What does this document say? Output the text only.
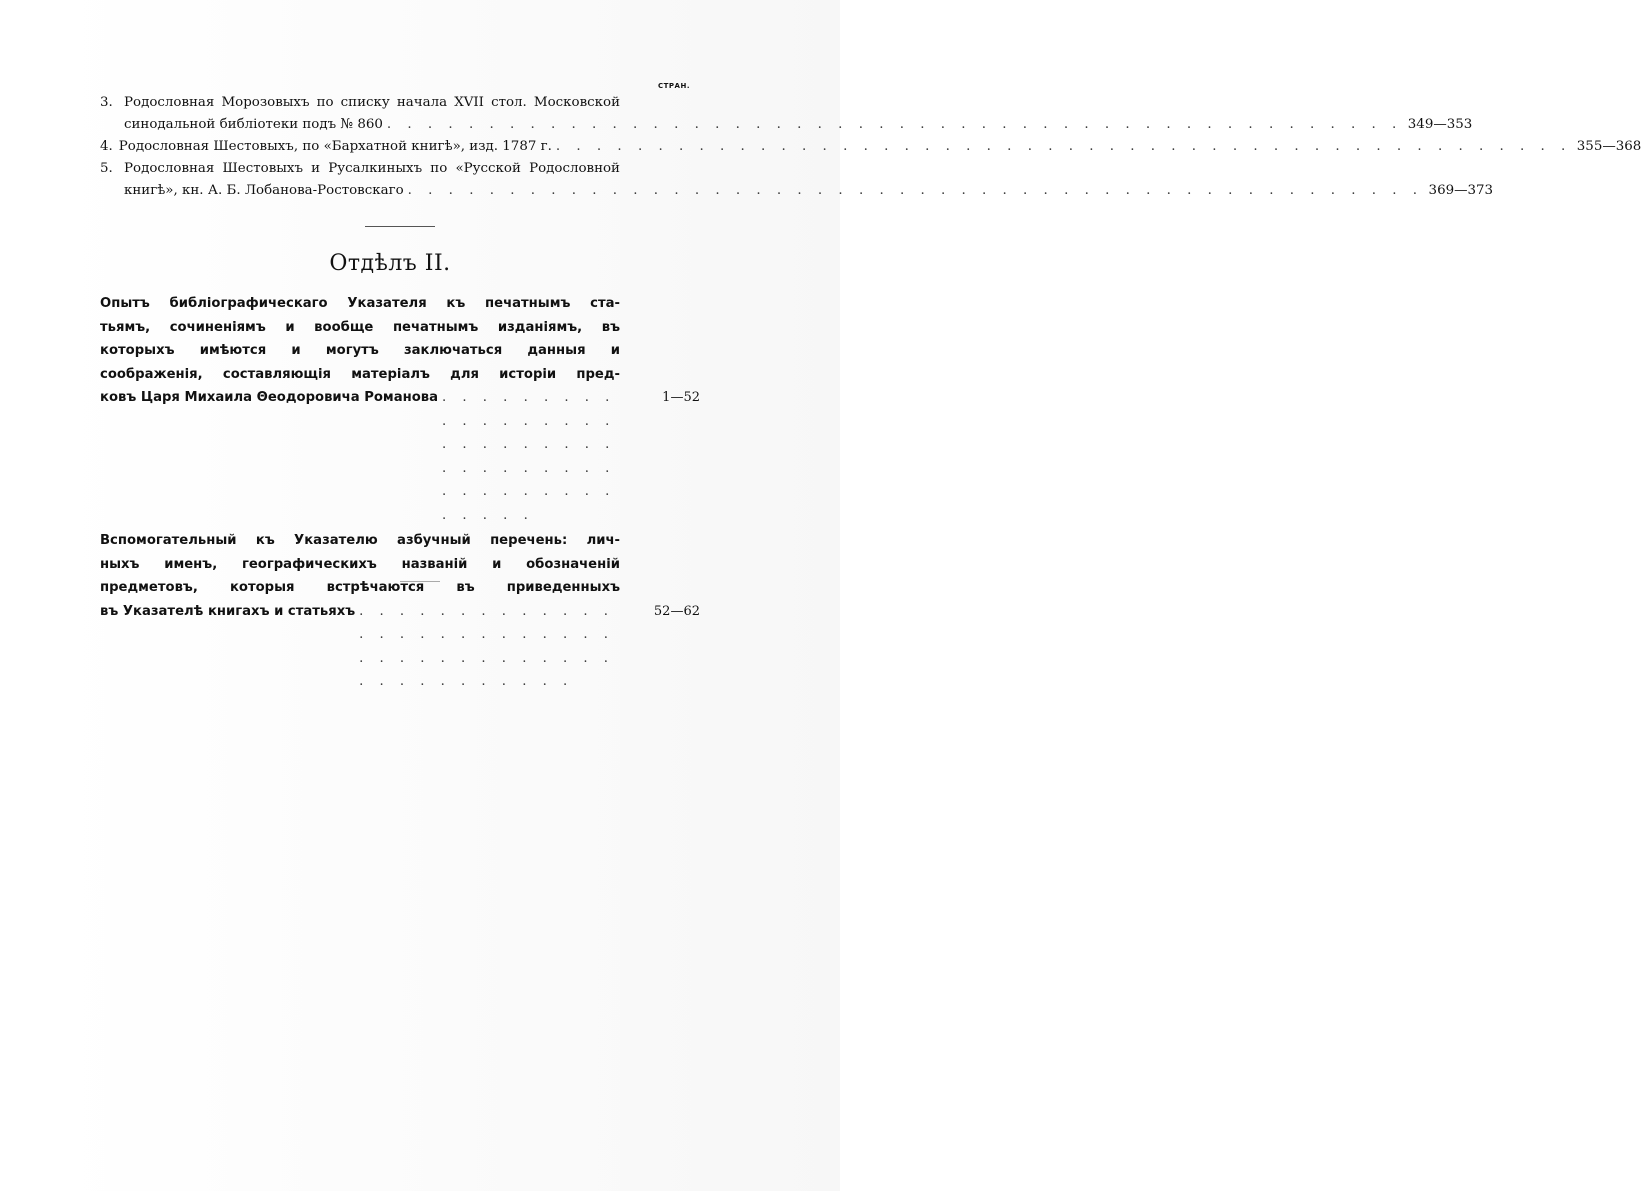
СТРАН.
3. Родословная Морозовыхъ по списку начала XVII стол. Московской
синодальной библіотеки подъ № 860 . . . . . . . . . . . . . . . . . . . . . . . . . . . . . . . . . . . . . . . . . . . . . . . . . . 349—353
4. Родословная Шестовыхъ, по «Бархатной книгѣ», изд. 1787 г. . . . . . . . . . . . . . . . . . . . . . . . . . . . . . . . . . . . . . . . . . . . . . . . . . . 355—368
5. Родословная Шестовыхъ и Русалкиныхъ по «Русской Родословной
книгѣ», кн. А. Б. Лобанова-Ростовскаго . . . . . . . . . . . . . . . . . . . . . . . . . . . . . . . . . . . . . . . . . . . . . . . . . . 369—373
Отдѣлъ II.
Опытъ библіографическаго Указателя къ печатнымъ ста-
тьямъ, сочиненіямъ и вообще печатнымъ изданіямъ, въ
которыхъ имѣются и могутъ заключаться данныя и
соображенія, составляющія матеріалъ для исторіи пред-
ковъ Царя Михаила Θеодоровича Романова . . . . . . . . . . . . . . . . . . . . . . . . . . . . . . . . . . . . . . . . . . . . . . . . . .
1—52
Вспомогательный къ Указателю азбучный перечень: лич-
ныхъ именъ, географическихъ названій и обозначеній
предметовъ, которыя встрѣчаются въ приведенныхъ
въ Указателѣ книгахъ и статьяхъ . . . . . . . . . . . . . . . . . . . . . . . . . . . . . . . . . . . . . . . . . . . . . . . . . .
52—62
